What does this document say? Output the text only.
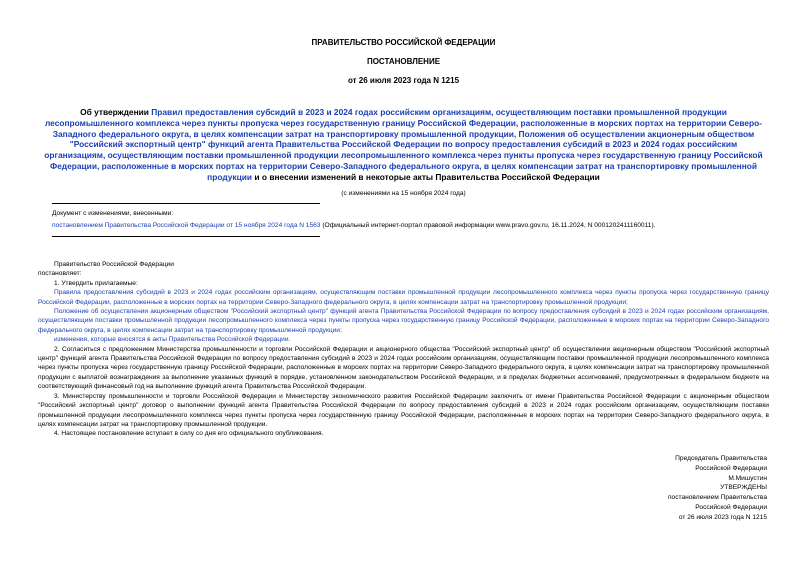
ПРАВИТЕЛЬСТВО РОССИЙСКОЙ ФЕДЕРАЦИИ
ПОСТАНОВЛЕНИЕ
от 26 июля 2023 года N 1215
Об утверждении Правил предоставления субсидий в 2023 и 2024 годах российским организациям, осуществляющим поставки промышленной продукции лесопромышленного комплекса через пункты пропуска через государственную границу Российской Федерации, расположенные в морских портах на территории Северо-Западного федерального округа, в целях компенсации затрат на транспортировку промышленной продукции, Положения об осуществлении акционерным обществом "Российский экспортный центр" функций агента Правительства Российской Федерации по вопросу предоставления субсидий в 2023 и 2024 годах российским организациям, осуществляющим поставки промышленной продукции лесопромышленного комплекса через пункты пропуска через государственную границу Российской Федерации, расположенные в морских портах на территории Северо-Западного федерального округа, в целях компенсации затрат на транспортировку промышленной продукции и о внесении изменений в некоторые акты Правительства Российской Федерации
(с изменениями на 15 ноября 2024 года)
Документ с изменениями, внесенными:
постановлением Правительства Российской Федерации от 15 ноября 2024 года N 1563 (Официальный интернет-портал правовой информации www.pravo.gov.ru, 16.11.2024, N 0001202411160011).

Правительство Российской Федерации

постановляет:

1. Утвердить прилагаемые:

Правила предоставления субсидий в 2023 и 2024 годах российским организациям, осуществляющим поставки промышленной продукции лесопромышленного комплекса через пункты пропуска через государственную границу Российской Федерации, расположенные в морских портах на территории Северо-Западного федерального округа, в целях компенсации затрат на транспортировку промышленной продукции;

Положение об осуществлении акционерным обществом "Российский экспортный центр" функций агента Правительства Российской Федерации по вопросу предоставления субсидий в 2023 и 2024 годах российским организациям, осуществляющим поставки промышленной продукции лесопромышленного комплекса через пункты пропуска через государственную границу Российской Федерации, расположенные в морских портах на территории Северо-Западного федерального округа, в целях компенсации затрат на транспортировку промышленной продукции;

изменения, которые вносятся в акты Правительства Российской Федерации.

2. Согласиться с предложением Министерства промышленности и торговли Российской Федерации и акционерного общества "Российский экспортный центр" об осуществлении акционерным обществом "Российский экспортный центр" функций агента Правительства Российской Федерации по вопросу предоставления субсидий в 2023 и 2024 годах российским организациям, осуществляющим поставки промышленной продукции лесопромышленного комплекса через пункты пропуска через государственную границу Российской Федерации, расположенные в морских портах на территории Северо-Западного федерального округа, в целях компенсации затрат на транспортировку промышленной продукции с выплатой вознаграждения за выполнение указанных функций в порядке, установленном законодательством Российской Федерации, и в пределах бюджетных ассигнований, предусмотренных в федеральном бюджете на соответствующий финансовый год на выполнение функций агента Правительства Российской Федерации.

3. Министерству промышленности и торговли Российской Федерации и Министерству экономического развития Российской Федерации заключить от имени Правительства Российской Федерации с акционерным обществом "Российский экспортный центр" договор о выполнении функций агента Правительства Российской Федерации по вопросу предоставления субсидий в 2023 и 2024 годах российским организациям, осуществляющим поставки промышленной продукции лесопромышленного комплекса через пункты пропуска через государственную границу Российской Федерации, расположенные в морских портах на территории Северо-Западного федерального округа, в целях компенсации затрат на транспортировку промышленной продукции.

4. Настоящее постановление вступает в силу со дня его официального опубликования.

Председатель Правительства
Российской Федерации
М.Мишустин
УТВЕРЖДЕНЫ
постановлением Правительства
Российской Федерации
от 26 июля 2023 года N 1215
